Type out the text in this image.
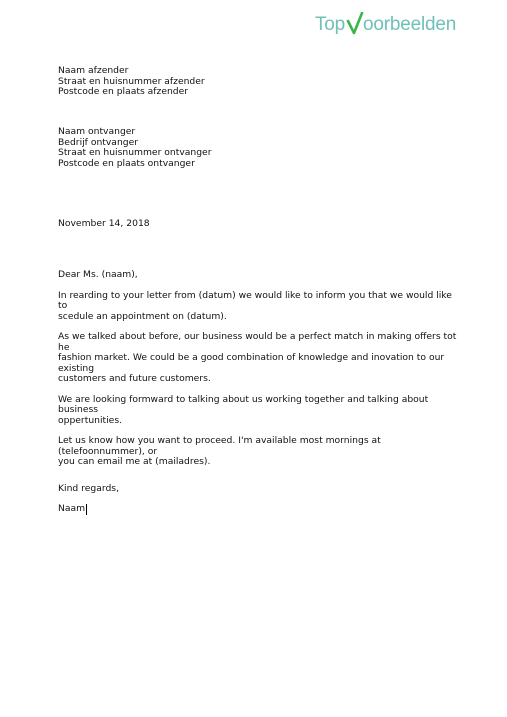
Top oorbeelden
Naam afzender
Straat en huisnummer afzender
Postcode en plaats afzender
Naam ontvanger
Bedrijf ontvanger
Straat en huisnummer ontvanger
Postcode en plaats ontvanger
November 14, 2018

Dear Ms. (naam),

In rearding to your letter from (datum) we would like to inform you that we would like to
scedule an appointment on (datum).

As we talked about before, our business would be a perfect match in making offers tot he
fashion market. We could be a good combination of knowledge and inovation to our existing
customers and future customers.

We are looking formward to talking about us working together and talking about business
oppertunities.

Let us know how you want to proceed. I'm available most mornings at (telefoonnummer), or
you can email me at (mailadres).

Kind regards,

Naam
